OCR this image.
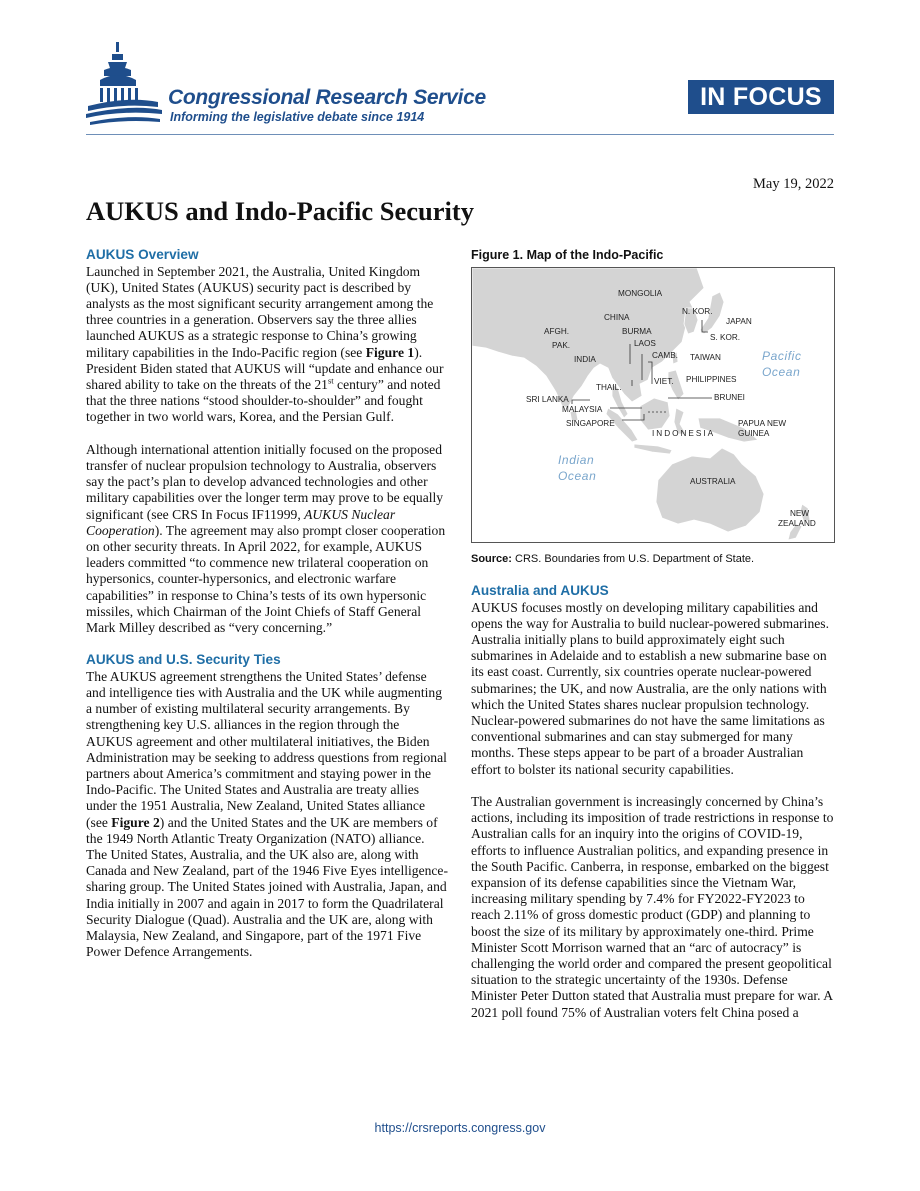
Congressional Research Service
Informing the legislative debate since 1914
IN FOCUS
May 19, 2022
AUKUS and Indo-Pacific Security
AUKUS Overview

Launched in September 2021, the Australia, United Kingdom (UK), United States (AUKUS) security pact is described by analysts as the most significant security arrangement among the three countries in a generation. Observers say the three allies launched AUKUS as a strategic response to China’s growing military capabilities in the Indo-Pacific region (see Figure 1). President Biden stated that AUKUS will “update and enhance our shared ability to take on the threats of the 21st century” and noted that the three nations “stood shoulder-to-shoulder” and fought together in two world wars, Korea, and the Persian Gulf.

Although international attention initially focused on the proposed transfer of nuclear propulsion technology to Australia, observers say the pact’s plan to develop advanced technologies and other military capabilities over the longer term may prove to be equally significant (see CRS In Focus IF11999, AUKUS Nuclear Cooperation). The agreement may also prompt closer cooperation on other security threats. In April 2022, for example, AUKUS leaders committed “to commence new trilateral cooperation on hypersonics, counter-hypersonics, and electronic warfare capabilities” in response to China’s tests of its own hypersonic missiles, which Chairman of the Joint Chiefs of Staff General Mark Milley described as “very concerning.”

AUKUS and U.S. Security Ties

The AUKUS agreement strengthens the United States’ defense and intelligence ties with Australia and the UK while augmenting a number of existing multilateral security arrangements. By strengthening key U.S. alliances in the region through the AUKUS agreement and other multilateral initiatives, the Biden Administration may be seeking to address questions from regional partners about America’s commitment and staying power in the Indo-Pacific. The United States and Australia are treaty allies under the 1951 Australia, New Zealand, United States alliance (see Figure 2) and the United States and the UK are members of the 1949 North Atlantic Treaty Organization (NATO) alliance. The United States, Australia, and the UK also are, along with Canada and New Zealand, part of the 1946 Five Eyes intelligence-sharing group. The United States joined with Australia, Japan, and India initially in 2007 and again in 2017 to form the Quadrilateral Security Dialogue (Quad). Australia and the UK are, along with Malaysia, New Zealand, and Singapore, part of the 1971 Five Power Defence Arrangements.

Figure 1. Map of the Indo-Pacific
MONGOLIA
CHINA
N. KOR.
JAPAN
S. KOR.
AFGH.
PAK.
BURMA
LAOS
INDIA	CAMB. TAIWAN
THAIL.
VIET. PHILIPPINES
SRI LANKA	BRUNEI
MALAYSIA
SINGAPORE
INDONESIA
PAPUA NEW
GUINEA
AUSTRALIA
NEW
ZEALAND
Pacific
Ocean
Indian
Ocean
Source: CRS. Boundaries from U.S. Department of State.
Australia and AUKUS

AUKUS focuses mostly on developing military capabilities and opens the way for Australia to build nuclear-powered submarines. Australia initially plans to build approximately eight such submarines in Adelaide and to establish a new submarine base on its east coast. Currently, six countries operate nuclear-powered submarines; the UK, and now Australia, are the only nations with which the United States shares nuclear propulsion technology. Nuclear-powered submarines do not have the same limitations as conventional submarines and can stay submerged for many months. These steps appear to be part of a broader Australian effort to bolster its national security capabilities.

The Australian government is increasingly concerned by China’s actions, including its imposition of trade restrictions in response to Australian calls for an inquiry into the origins of COVID-19, efforts to influence Australian politics, and expanding presence in the South Pacific. Canberra, in response, embarked on the biggest expansion of its defense capabilities since the Vietnam War, increasing military spending by 7.4% for FY2022-FY2023 to reach 2.11% of gross domestic product (GDP) and planning to boost the size of its military by approximately one-third. Prime Minister Scott Morrison warned that an “arc of autocracy” is challenging the world order and compared the present geopolitical situation to the strategic uncertainty of the 1930s. Defense Minister Peter Dutton stated that Australia must prepare for war. A 2021 poll found 75% of Australian voters felt China posed a

https://crsreports.congress.gov
